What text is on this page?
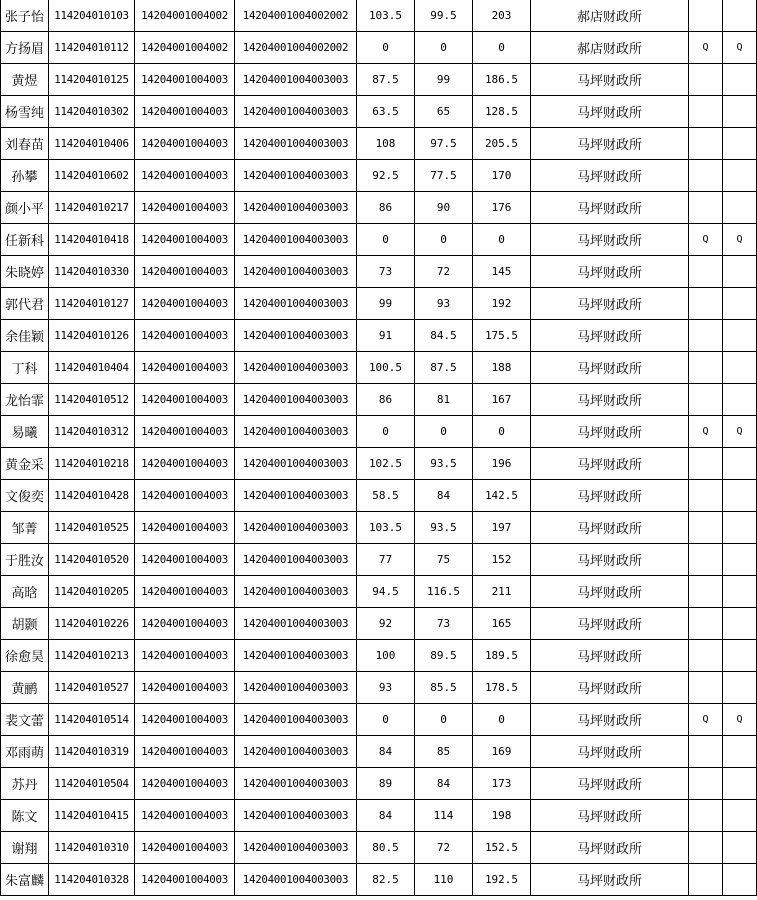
张子怡	114204010103	14204001004002	14204001004002002	103.5	99.5	203	郝店财政所		
方扬眉	114204010112	14204001004002	14204001004002002	0	0	0	郝店财政所	Q	Q
黄煜	114204010125	14204001004003	14204001004003003	87.5	99	186.5	马坪财政所		
杨雪纯	114204010302	14204001004003	14204001004003003	63.5	65	128.5	马坪财政所		
刘春苗	114204010406	14204001004003	14204001004003003	108	97.5	205.5	马坪财政所		
孙攀	114204010602	14204001004003	14204001004003003	92.5	77.5	170	马坪财政所		
颜小平	114204010217	14204001004003	14204001004003003	86	90	176	马坪财政所		
任新科	114204010418	14204001004003	14204001004003003	0	0	0	马坪财政所	Q	Q
朱晓婷	114204010330	14204001004003	14204001004003003	73	72	145	马坪财政所		
郭代君	114204010127	14204001004003	14204001004003003	99	93	192	马坪财政所		
余佳颖	114204010126	14204001004003	14204001004003003	91	84.5	175.5	马坪财政所		
丁科	114204010404	14204001004003	14204001004003003	100.5	87.5	188	马坪财政所		
龙怡霏	114204010512	14204001004003	14204001004003003	86	81	167	马坪财政所		
易曦	114204010312	14204001004003	14204001004003003	0	0	0	马坪财政所	Q	Q
黄金采	114204010218	14204001004003	14204001004003003	102.5	93.5	196	马坪财政所		
文俊奕	114204010428	14204001004003	14204001004003003	58.5	84	142.5	马坪财政所		
邹菁	114204010525	14204001004003	14204001004003003	103.5	93.5	197	马坪财政所		
于胜汝	114204010520	14204001004003	14204001004003003	77	75	152	马坪财政所		
高晗	114204010205	14204001004003	14204001004003003	94.5	116.5	211	马坪财政所		
胡颢	114204010226	14204001004003	14204001004003003	92	73	165	马坪财政所		
徐愈昊	114204010213	14204001004003	14204001004003003	100	89.5	189.5	马坪财政所		
黄鹂	114204010527	14204001004003	14204001004003003	93	85.5	178.5	马坪财政所		
裴文蕾	114204010514	14204001004003	14204001004003003	0	0	0	马坪财政所	Q	Q
邓雨萌	114204010319	14204001004003	14204001004003003	84	85	169	马坪财政所		
苏丹	114204010504	14204001004003	14204001004003003	89	84	173	马坪财政所		
陈文	114204010415	14204001004003	14204001004003003	84	114	198	马坪财政所		
谢翔	114204010310	14204001004003	14204001004003003	80.5	72	152.5	马坪财政所		
朱富麟	114204010328	14204001004003	14204001004003003	82.5	110	192.5	马坪财政所		
